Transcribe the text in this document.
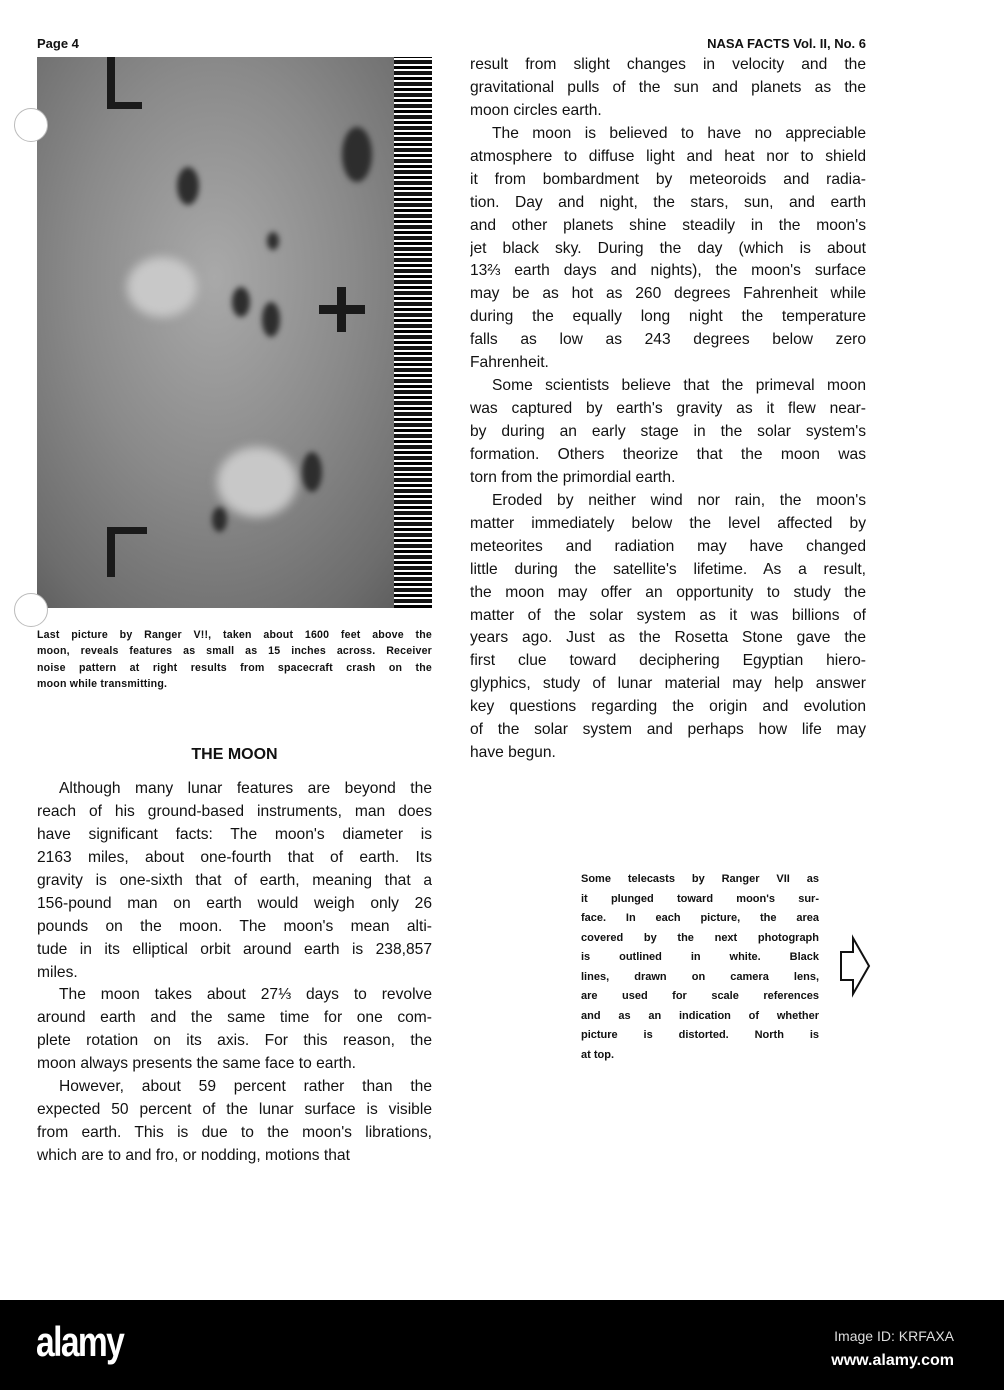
Page 4	NASA FACTS Vol. II, No. 6
Last picture by Ranger V!!, taken about 1600 feet above the
moon, reveals features as small as 15 inches across. Receiver
noise pattern at right results from spacecraft crash on the
moon while transmitting.
THE MOON
Although many lunar features are beyond the
reach of his ground-based instruments, man does
have significant facts: The moon's diameter is
2163 miles, about one-fourth that of earth. Its
gravity is one-sixth that of earth, meaning that a
156-pound man on earth would weigh only 26
pounds on the moon. The moon's mean alti-
tude in its elliptical orbit around earth is 238,857
miles.
The moon takes about 27⅓ days to revolve
around earth and the same time for one com-
plete rotation on its axis. For this reason, the
moon always presents the same face to earth.
However, about 59 percent rather than the
expected 50 percent of the lunar surface is visible
from earth. This is due to the moon's librations,
which are to and fro, or nodding, motions that
result from slight changes in velocity and the
gravitational pulls of the sun and planets as the
moon circles earth.
The moon is believed to have no appreciable
atmosphere to diffuse light and heat nor to shield
it from bombardment by meteoroids and radia-
tion. Day and night, the stars, sun, and earth
and other planets shine steadily in the moon's
jet black sky. During the day (which is about
13⅔ earth days and nights), the moon's surface
may be as hot as 260 degrees Fahrenheit while
during the equally long night the temperature
falls as low as 243 degrees below zero
Fahrenheit.
Some scientists believe that the primeval moon
was captured by earth's gravity as it flew near-
by during an early stage in the solar system's
formation. Others theorize that the moon was
torn from the primordial earth.
Eroded by neither wind nor rain, the moon's
matter immediately below the level affected by
meteorites and radiation may have changed
little during the satellite's lifetime. As a result,
the moon may offer an opportunity to study the
matter of the solar system as it was billions of
years ago. Just as the Rosetta Stone gave the
first clue toward deciphering Egyptian hiero-
glyphics, study of lunar material may help answer
key questions regarding the origin and evolution
of the solar system and perhaps how life may
have begun.
Some telecasts by Ranger VII as
it plunged toward moon's sur-
face. In each picture, the area
covered by the next photograph
is outlined in white. Black
lines, drawn on camera lens,
are used for scale references
and as an indication of whether
picture is distorted. North is
at top.
alamy	Image ID: KRFAXA
www.alamy.com
